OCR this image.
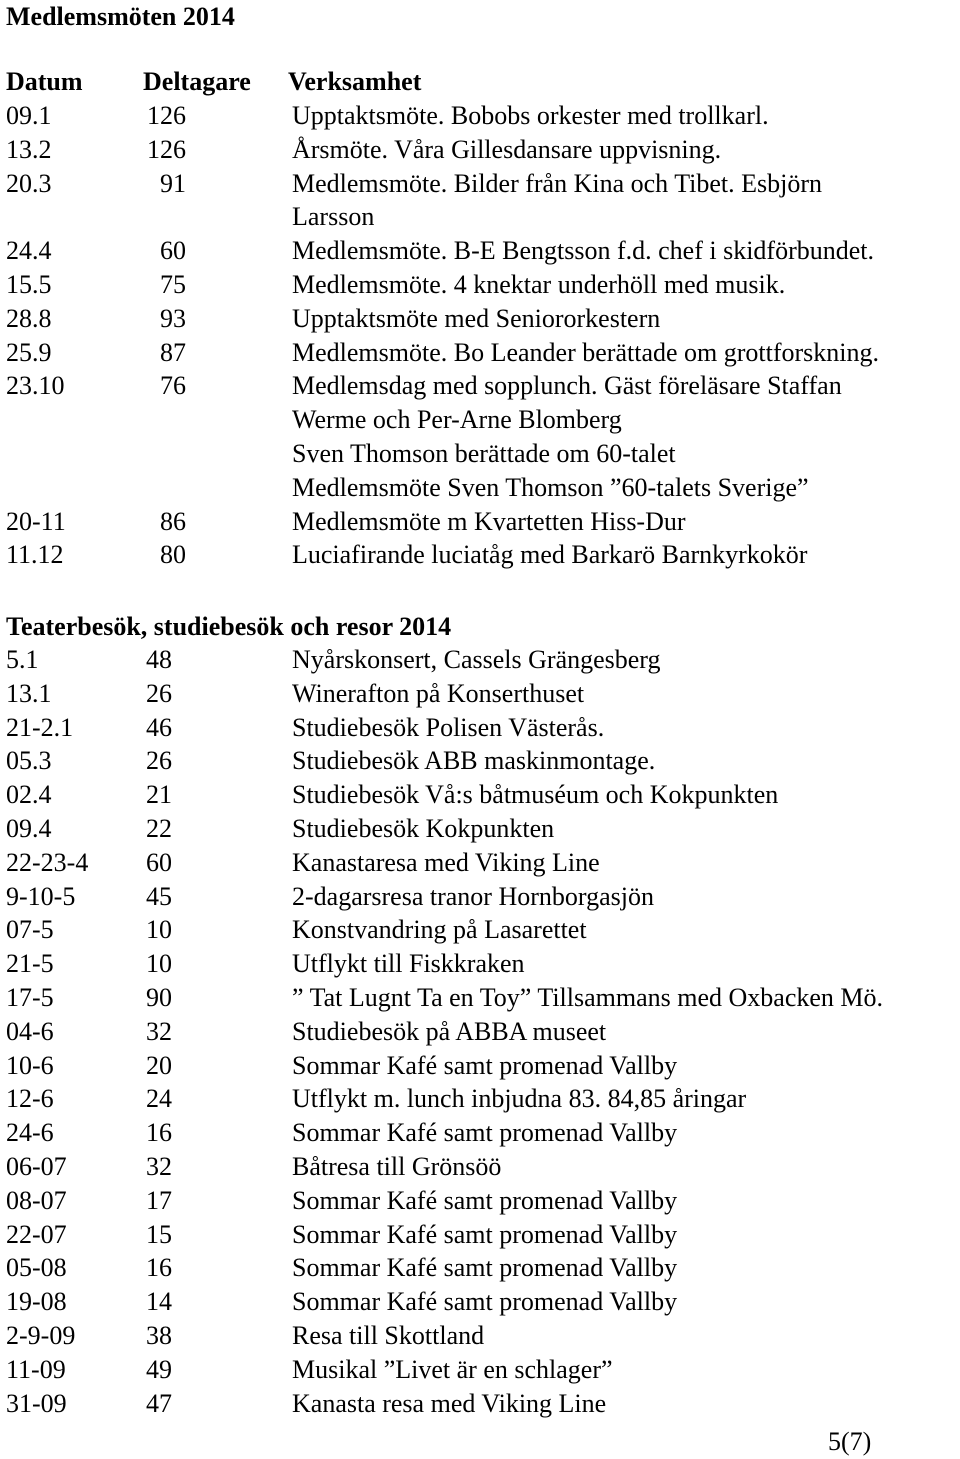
Medlemsmöten 2014
Datum Deltagare Verksamhet
09.1	126	Upptaktsmöte. Bobobs orkester med trollkarl.
13.2	126	Årsmöte. Våra Gillesdansare uppvisning.
20.3	91	Medlemsmöte. Bilder från Kina och Tibet. Esbjörn
Larsson
24.4	60	Medlemsmöte. B-E Bengtsson f.d. chef i skidförbundet.
15.5	75	Medlemsmöte. 4 knektar underhöll med musik.
28.8	93	Upptaktsmöte med Seniororkestern
25.9	87	Medlemsmöte. Bo Leander berättade om grottforskning.
23.10	76	Medlemsdag med sopplunch. Gäst föreläsare Staffan
Werme och Per-Arne Blomberg
Sven Thomson berättade om 60-talet
Medlemsmöte Sven Thomson ”60-talets Sverige”
20-11	86	Medlemsmöte m Kvartetten Hiss-Dur
11.12	80	Luciafirande luciatåg med Barkarö Barnkyrkokör
Teaterbesök, studiebesök och resor 2014
5.1	48	Nyårskonsert, Cassels Grängesberg
13.1	26	Winerafton på Konserthuset
21-2.1	46	Studiebesök Polisen Västerås.
05.3	26	Studiebesök ABB maskinmontage.
02.4	21	Studiebesök Vå:s båtmuséum och Kokpunkten
09.4	22	Studiebesök Kokpunkten
22-23-4	60	Kanastaresa med Viking Line
9-10-5	45	2-dagarsresa tranor Hornborgasjön
07-5	10	Konstvandring på Lasarettet
21-5	10	Utflykt till Fiskkraken
17-5	90	” Tat Lugnt Ta en Toy” Tillsammans med Oxbacken Mö.
04-6	32	Studiebesök på ABBA museet
10-6	20	Sommar Kafé samt promenad Vallby
12-6	24	Utflykt m. lunch inbjudna 83. 84,85 åringar
24-6	16	Sommar Kafé samt promenad Vallby
06-07	32	Båtresa till Grönsöö
08-07	17	Sommar Kafé samt promenad Vallby
22-07	15	Sommar Kafé samt promenad Vallby
05-08	16	Sommar Kafé samt promenad Vallby
19-08	14	Sommar Kafé samt promenad Vallby
2-9-09	38	Resa till Skottland
11-09	49	Musikal ”Livet är en schlager”
31-09	47	Kanasta resa med Viking Line
5(7)
